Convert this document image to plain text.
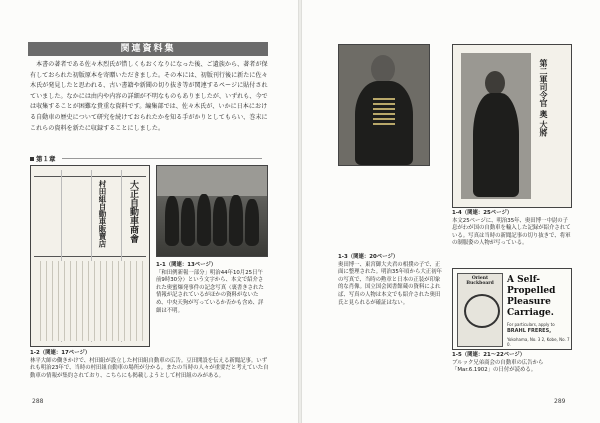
関連資料集

本書の著者である佐々木烈氏が惜しくもおくなりになった後、ご遺族から、著者が保有しておられた初版原本を寄贈いただきました。その本には、初版刊行後に新たに佐々木氏が発見したと思われる、古い書籍や新聞の切り抜き等が関連するページに貼付されていました。なかには由内や内容の詳細が不明なものもありましたが、いずれも、今では収集することが困難な貴重な資料です。編集部では、佐々木氏が、いかに日本における自動車の歴史について研究を続けておられたかを知る手がかりとしてもらい、巻末にこれらの資料を新たに収録することにしました。

第１章
大正自動車商會
村田組自動車販賣店
1-1（関連：13ページ）
「和田例新報一部分」明治44年10月25日午前9時30分）という文字から、本文で紹介された奥蜜爆発事件の記念写真（裏書きされた情報が記されているがほかの資料がないため、中央天狗が写っているか否かも含め、詳細は不明。
1-2（関連：17ページ）
林平大師の働きかけで、村田組が設立した村田組自動車の広告。豆田開設を伝える新聞記事。いずれも明治23年で、当時の村田組自動車の場所が分かる。またの当時の人々が重要だと考えていた自動車の情報が集約されており、こちらにも掲載しようとして村田組のみがある。
288
第二軍司令官 奥 大將
1-4（関連：25ページ）
本文25ページに、明治35年、奥田博一中尉の子息がわが国の自動車を輸入した記録が紹介されている。写真は当時の新聞記事の切り抜きで、将軍の制服姿の人物が写っている。
1-3（関連：20ページ）
奥田博一、東宮御大夫君の相撲の子で、正面に整理された。明治35年頃から大正初年の写真で、当時の勲章と日本の正装が印象的な肖像。国立国会図書館蔵の資料によれば、写真の人物は本文でも紹介された奥田氏と見られるが確証はない。
Orient Buckboard	A Self-
Propelled
Pleasure
Carriage.
For particulars, apply to
BRAHL FRERES,
Yokohama, No. 3 2, Kobe, No. 7 0.
1-5（関連：21〜22ページ）
ブルック兄弟商会の自動車の広告から「Mar.6.1902」の日付が読める。
289
